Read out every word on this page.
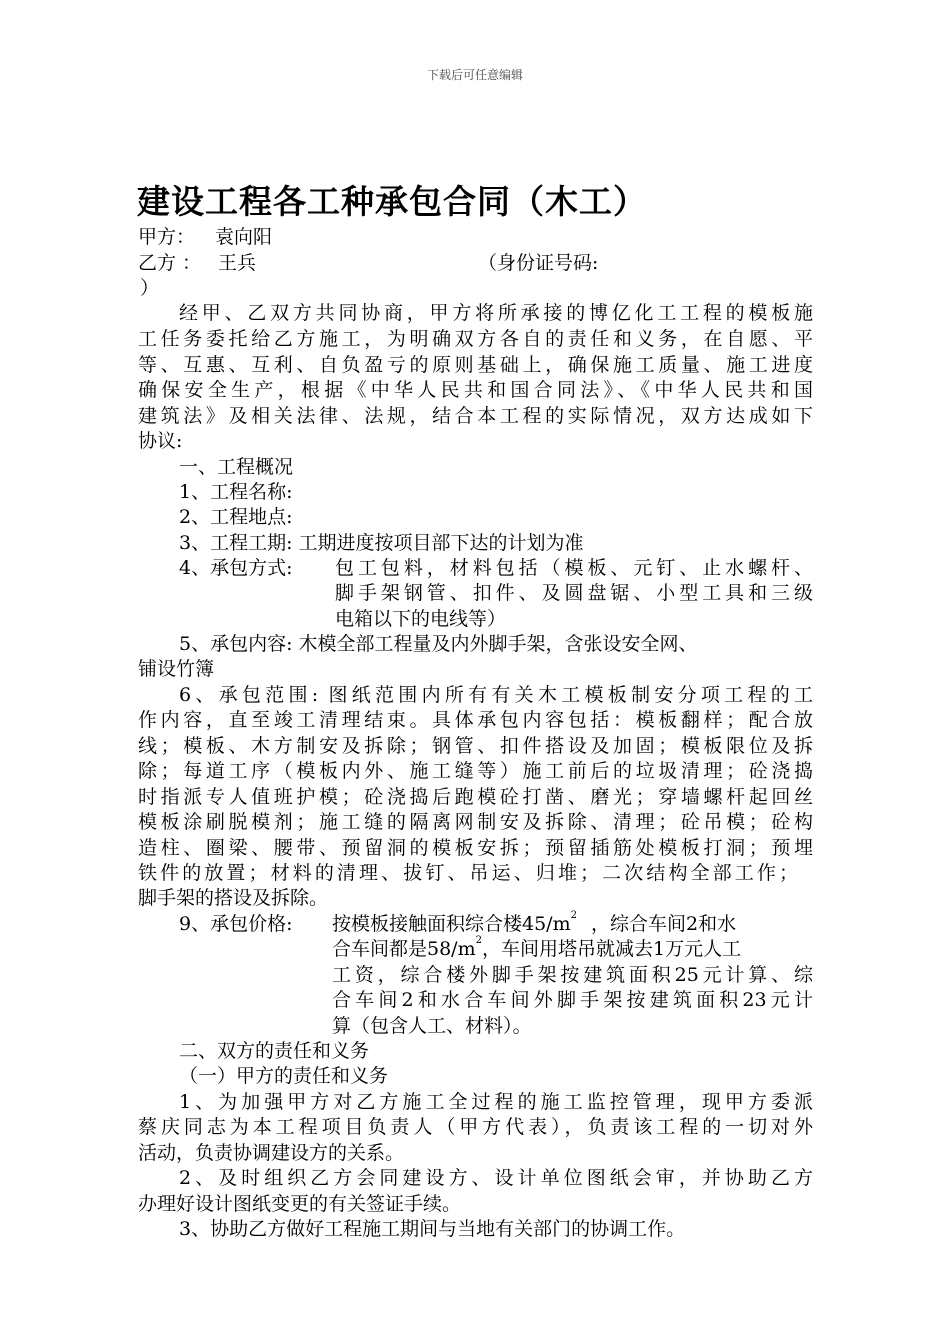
下载后可任意编辑
建设工程各工种承包合同（木工）
甲方： 袁向阳
乙方 ： 王兵	（身份证号码:
）
经甲、乙双方共同协商，甲方将所承接的博亿化工工程的模板施
工任务委托给乙方施工，为明确双方各自的责任和义务，在自愿、平
等、互惠、互利、自负盈亏的原则基础上，确保施工质量、施工进度
确保安全生产，根据《中华人民共和国合同法》、《中华人民共和国
建筑法》及相关法律、法规，结合本工程的实际情况，双方达成如下
协议:
一、工程概况
1、工程名称:
2、工程地点:
3、工程工期: 工期进度按项目部下达的计划为准
4、承包方式: 包工包料，材料包括（模板、元钉、止水螺杆、
脚手架钢管、扣件、及圆盘锯、小型工具和三级
电箱以下的电线等）
5、承包内容: 木模全部工程量及内外脚手架，含张设安全网、
铺设竹簿
6、承包范围: 图纸范围内所有有关木工模板制安分项工程的工
作内容，直至竣工清理结束。具体承包内容包括：模板翻样；配合放
线；模板、木方制安及拆除；钢管、扣件搭设及加固；模板限位及拆
除；每道工序（模板内外、施工缝等）施工前后的垃圾清理；砼浇捣
时指派专人值班护模；砼浇捣后跑模砼打凿、磨光；穿墙螺杆起回丝
模板涂刷脱模剂；施工缝的隔离网制安及拆除、清理；砼吊模；砼构
造柱、圈梁、腰带、预留洞的模板安拆；预留插筋处模板打洞；预埋
铁件的放置；材料的清理、拔钉、吊运、归堆；二次结构全部工作；
脚手架的搭设及拆除。
9、承包价格: 按模板接触面积综合楼$45/m^2$ ，综合车间2和水
合车间都是$58/m^2$，车间用塔吊就减去1万元人工
工资，综合楼外脚手架按建筑面积25元计算、综
合车间2和水合车间外脚手架按建筑面积23元计
算（包含人工、材料）。
二、双方的责任和义务
（一）甲方的责任和义务
1、为加强甲方对乙方施工全过程的施工监控管理，现甲方委派
蔡庆同志为本工程项目负责人（甲方代表），负责该工程的一切对外
活动，负责协调建设方的关系。
2、及时组织乙方会同建设方、设计单位图纸会审，并协助乙方
办理好设计图纸变更的有关签证手续。
3、协助乙方做好工程施工期间与当地有关部门的协调工作。
